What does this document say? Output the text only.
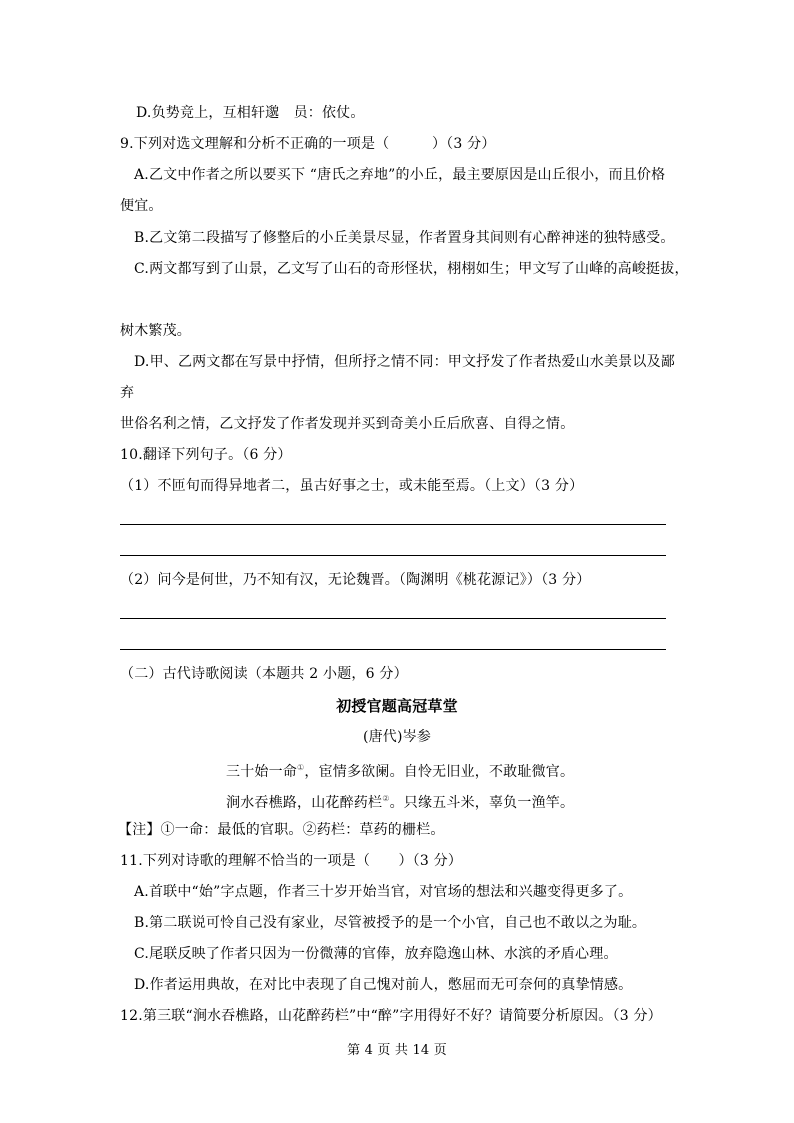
D.负势竞上，互相轩邈　员：依仗。
9.下列对选文理解和分析不正确的一项是（　　　）（3 分）
A.乙文中作者之所以要买下 “唐氏之弃地”的小丘，最主要原因是山丘很小，而且价格
便宜。
B.乙文第二段描写了修整后的小丘美景尽显，作者置身其间则有心醉神迷的独特感受。
C.两文都写到了山景，乙文写了山石的奇形怪状，栩栩如生；甲文写了山峰的高峻挺拔，
树木繁茂。
D.甲、乙两文都在写景中抒情，但所抒之情不同：甲文抒发了作者热爱山水美景以及鄙
弃
世俗名利之情，乙文抒发了作者发现并买到奇美小丘后欣喜、自得之情。
10.翻译下列句子。（6 分）
（1）不匝旬而得异地者二，虽古好事之士，或未能至焉。（上文）（3 分）
（2）问今是何世，乃不知有汉，无论魏晋。（陶渊明《桃花源记》）（3 分）
（二）古代诗歌阅读（本题共 2 小题，6 分）
初授官题高冠草堂
(唐代)岑参
三十始一命①，宦情多欲阑。自怜无旧业，不敢耻微官。
涧水吞樵路，山花醉药栏②。只缘五斗米，辜负一渔竿。
【注】①一命：最低的官职。②药栏：草药的栅栏。
11.下列对诗歌的理解不恰当的一项是（　　）（3 分）
A.首联中“始”字点题，作者三十岁开始当官，对官场的想法和兴趣变得更多了。
B.第二联说可怜自己没有家业，尽管被授予的是一个小官，自己也不敢以之为耻。
C.尾联反映了作者只因为一份微薄的官俸，放弃隐逸山林、水滨的矛盾心理。
D.作者运用典故，在对比中表现了自己愧对前人，憋屈而无可奈何的真挚情感。
12.第三联“涧水吞樵路，山花醉药栏”中“醉”字用得好不好？请简要分析原因。（3 分）
第 4 页 共 14 页
